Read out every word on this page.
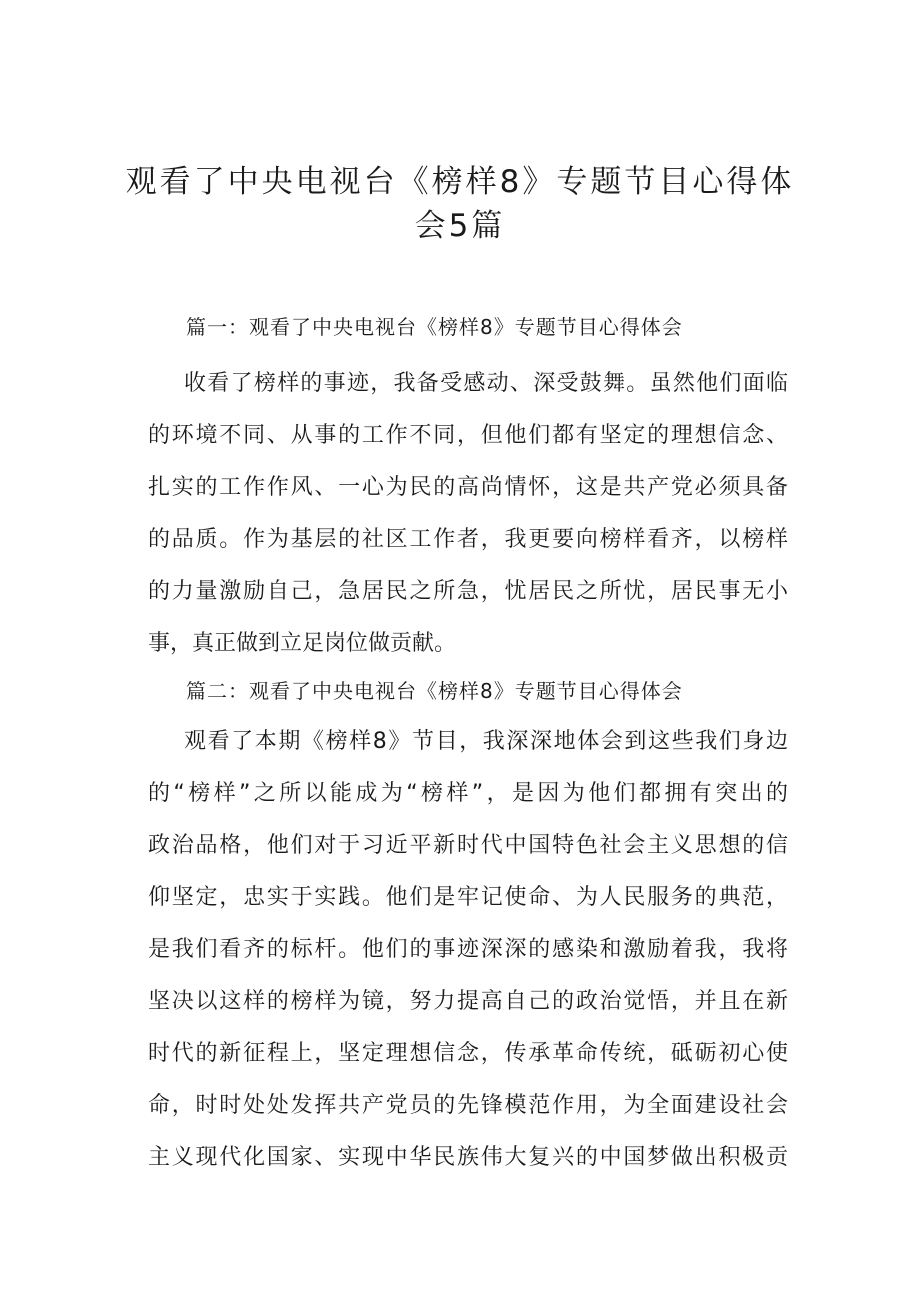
观看了中央电视台《榜样8》专题节目心得体
会5篇

篇一：观看了中央电视台《榜样8》专题节目心得体会

收看了榜样的事迹，我备受感动、深受鼓舞。虽然他们面临
的环境不同、从事的工作不同，但他们都有坚定的理想信念、
扎实的工作作风、一心为民的高尚情怀，这是共产党必须具备
的品质。作为基层的社区工作者，我更要向榜样看齐，以榜样
的力量激励自己，急居民之所急，忧居民之所忧，居民事无小
事，真正做到立足岗位做贡献。

篇二：观看了中央电视台《榜样8》专题节目心得体会

观看了本期《榜样8》节目，我深深地体会到这些我们身边
的“榜样”之所以能成为“榜样”，是因为他们都拥有突出的
政治品格，他们对于习近平新时代中国特色社会主义思想的信
仰坚定，忠实于实践。他们是牢记使命、为人民服务的典范，
是我们看齐的标杆。他们的事迹深深的感染和激励着我，我将
坚决以这样的榜样为镜，努力提高自己的政治觉悟，并且在新
时代的新征程上，坚定理想信念，传承革命传统，砥砺初心使
命，时时处处发挥共产党员的先锋模范作用，为全面建设社会
主义现代化国家、实现中华民族伟大复兴的中国梦做出积极贡
